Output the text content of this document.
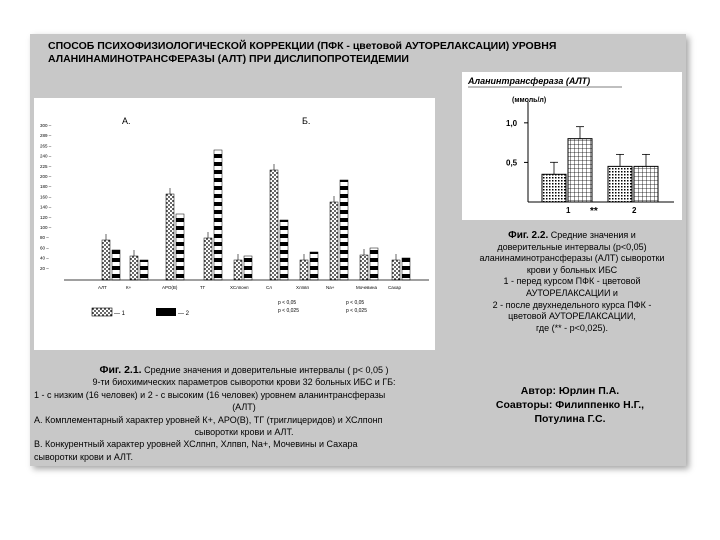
СПОСОБ ПСИХОФИЗИОЛОГИЧЕСКОЙ КОРРЕКЦИИ (ПФК - цветовой АУТОРЕЛАКСАЦИИ) УРОВНЯ
АЛАНИНАМИНОТРАНСФЕРАЗЫ (АЛТ) ПРИ ДИСЛИПОПРОТЕИДЕМИИ
A.	Б.
300 –
289 –
265 –
240 –
225 –
200 –
180 –
160 –
140 –
120 –
100 –
80 –
60 –
40 –
20 –
АЛТ	К+	АРО(В)	ТГ	ХСлпонп	Сл	Хлпвп	Na+	Мочевина Сахар
— 1	— 2
p < 0,05
p < 0,025
p < 0,05
p < 0,025
Аланинтрансфераза (АЛТ)
(ммоль/л)
1,0
0,5
1	2
**
Фиг. 2.1. Средние значения и доверительные интервалы ( р< 0,05 )
9-ти биохимических параметров сыворотки крови 32 больных ИБС и ГБ:
1 - с низким (16 человек) и 2 - с высоким (16 человек) уровнем аланинтрансферазы
(АЛТ)
А. Комплементарный характер уровней К+, АРО(В), ТГ (триглицеридов) и ХСлпонп
сыворотки крови и АЛТ.
В. Конкурентный характер уровней ХСлпнп, Хлпвп, Na+, Мочевины и Сахара
сыворотки крови и АЛТ.
Фиг. 2.2. Средние значения и
доверительные интервалы (р<0,05)
аланинаминотрансферазы (АЛТ) сыворотки
крови у больных ИБС
1 - перед курсом ПФК - цветовой
АУТОРЕЛАКСАЦИИ и
2 - после двухнедельного курса ПФК -
цветовой АУТОРЕЛАКСАЦИИ,
где (** - р<0,025).
Автор: Юрлин П.А.
Соавторы: Филиппенко Н.Г.,
Потулина Г.С.
